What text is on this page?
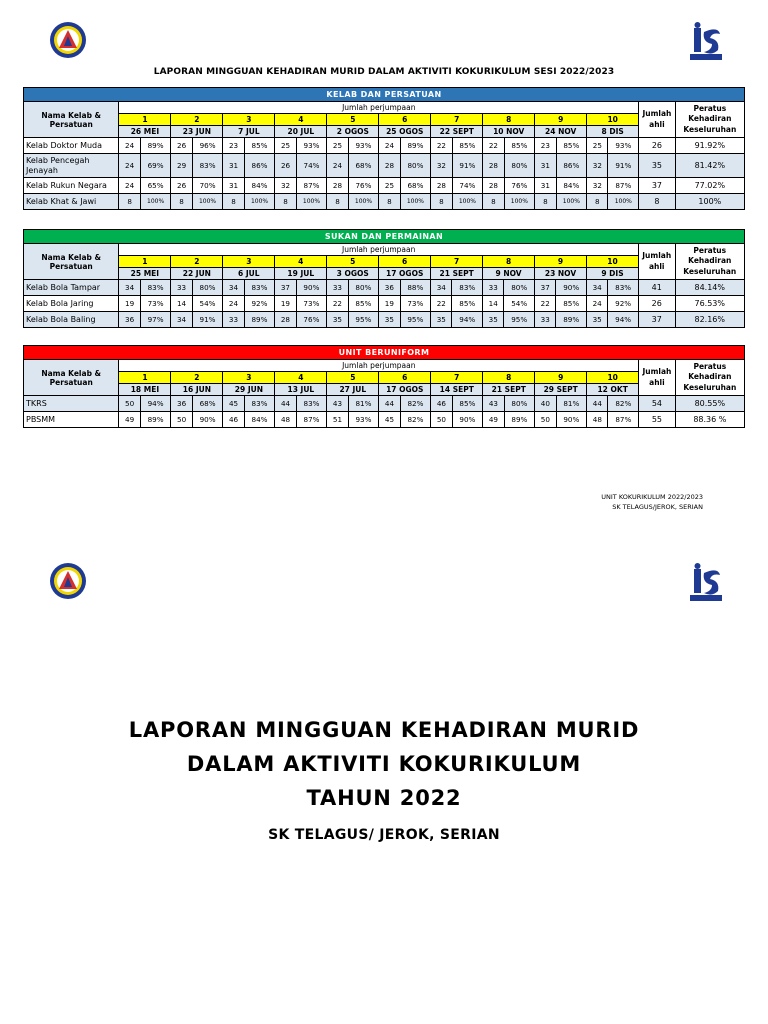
LAPORAN MINGGUAN KEHADIRAN MURID DALAM AKTIVITI KOKURIKULUM SESI 2022/2023
KELAB DAN PERSATUAN																						
Nama Kelab & Persatuan	Jumlah perjumpaan																				Jumlah ahli	Peratus Kehadiran Keseluruhan
	1		2		3		4		5		6		7		8		9		10			
	26 MEI		23 JUN		7 JUL		20 JUL		2 OGOS		25 OGOS		22 SEPT		10 NOV		24 NOV		8 DIS			
Kelab Doktor Muda	24	89%	26	96%	23	85%	25	93%	25	93%	24	89%	22	85%	22	85%	23	85%	25	93%	26	91.92%
Kelab Pencegah Jenayah	24	69%	29	83%	31	86%	26	74%	24	68%	28	80%	32	91%	28	80%	31	86%	32	91%	35	81.42%
Kelab Rukun Negara	24	65%	26	70%	31	84%	32	87%	28	76%	25	68%	28	74%	28	76%	31	84%	32	87%	37	77.02%
Kelab Khat & Jawi	8	100%	8	100%	8	100%	8	100%	8	100%	8	100%	8	100%	8	100%	8	100%	8	100%	8	100%
SUKAN DAN PERMAINAN																						
Nama Kelab & Persatuan	Jumlah perjumpaan																				Jumlah ahli	Peratus Kehadiran Keseluruhan
	1		2		3		4		5		6		7		8		9		10			
	25 MEI		22 JUN		6 JUL		19 JUL		3 OGOS		17 OGOS		21 SEPT		9 NOV		23 NOV		9 DIS			
Kelab Bola Tampar	34	83%	33	80%	34	83%	37	90%	33	80%	36	88%	34	83%	33	80%	37	90%	34	83%	41	84.14%
Kelab Bola Jaring	19	73%	14	54%	24	92%	19	73%	22	85%	19	73%	22	85%	14	54%	22	85%	24	92%	26	76.53%
Kelab Bola Baling	36	97%	34	91%	33	89%	28	76%	35	95%	35	95%	35	94%	35	95%	33	89%	35	94%	37	82.16%
UNIT BERUNIFORM																						
Nama Kelab & Persatuan	Jumlah perjumpaan																				Jumlah ahli	Peratus Kehadiran Keseluruhan
	1		2		3		4		5		6		7		8		9		10			
	18 MEI		16 JUN		29 JUN		13 JUL		27 JUL		17 OGOS		14 SEPT		21 SEPT		29 SEPT		12 OKT			
TKRS	50	94%	36	68%	45	83%	44	83%	43	81%	44	82%	46	85%	43	80%	40	81%	44	82%	54	80.55%
PBSMM	49	89%	50	90%	46	84%	48	87%	51	93%	45	82%	50	90%	49	89%	50	90%	48	87%	55	88.36 %
UNIT KOKURIKULUM 2022/2023
SK TELAGUS/JEROK, SERIAN
LAPORAN MINGGUAN KEHADIRAN MURID
DALAM AKTIVITI KOKURIKULUM
TAHUN 2022
SK TELAGUS/ JEROK, SERIAN
